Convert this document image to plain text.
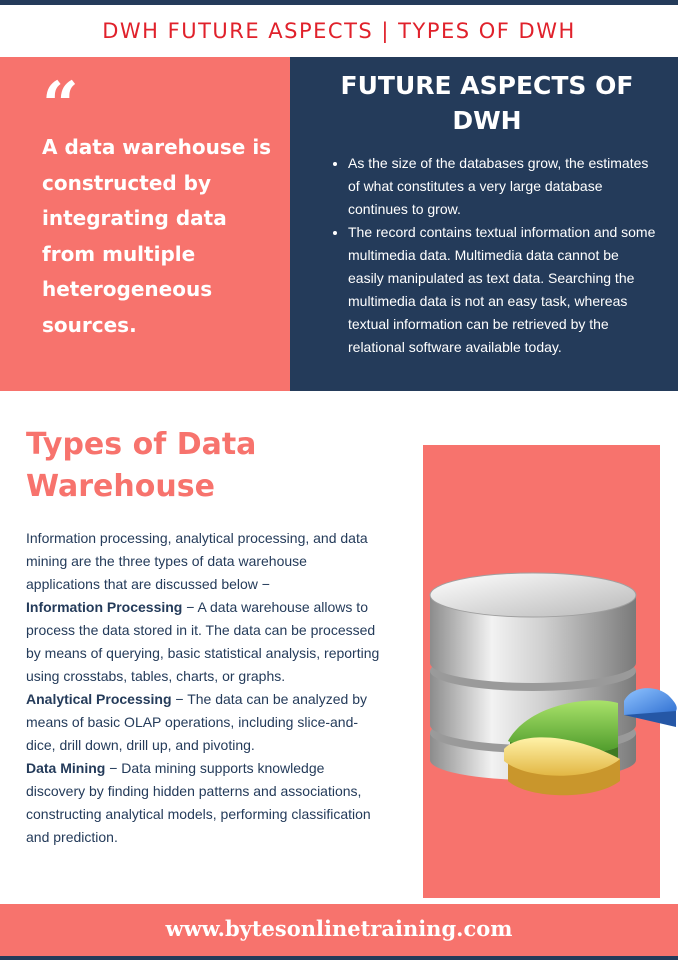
DWH FUTURE ASPECTS | TYPES OF DWH
“
A data warehouse is constructed by integrating data from multiple heterogeneous sources.
FUTURE ASPECTS OF DWH
• As the size of the databases grow, the estimates of what constitutes a very large database continues to grow.
• The record contains textual information and some multimedia data. Multimedia data cannot be easily manipulated as text data. Searching the multimedia data is not an easy task, whereas textual information can be retrieved by the relational software available today.
Types of Data Warehouse

Information processing, analytical processing, and data mining are the three types of data warehouse applications that are discussed below −

Information Processing − A data warehouse allows to process the data stored in it. The data can be processed by means of querying, basic statistical analysis, reporting using crosstabs, tables, charts, or graphs.

Analytical Processing − The data can be analyzed by means of basic OLAP operations, including slice-and-dice, drill down, drill up, and pivoting.

Data Mining − Data mining supports knowledge discovery by finding hidden patterns and associations, constructing analytical models, performing classification and prediction.

www.bytesonlinetraining.com
